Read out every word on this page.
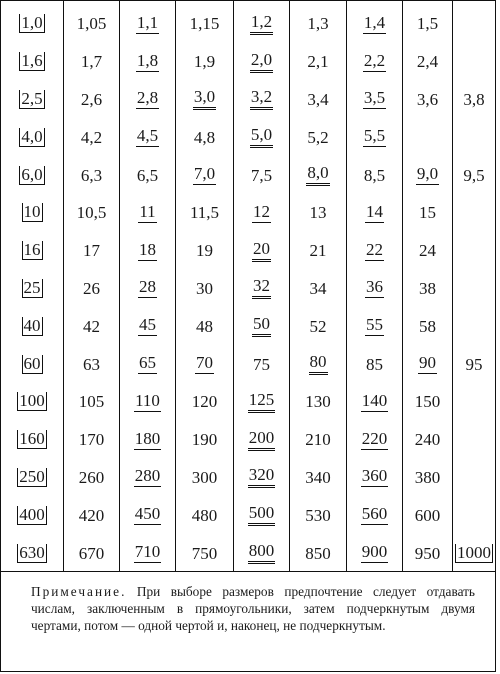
1,0
1,6
2,5
4,0
6,0
10
16
25
40
60
100
160
250
400
630
1,05
1,7
2,6
4,2
6,3
10,5
17
26
42
63
105
170
260
420
670
1,1
1,8
2,8
4,5
6,5
11
18
28
45
65
110
180
280
450
710
1,15
1,9
3,0
4,8
7,0
11,5
19
30
48
70
120
190
300
480
750
1,2
2,0
3,2
5,0
7,5
12
20
32
50
75
125
200
320
500
800
1,3
2,1
3,4
5,2
8,0
13
21
34
52
80
130
210
340
530
850
1,4
2,2
3,5
5,5
8,5
14
22
36
55
85
140
220
360
560
900
1,5
2,4
3,6
9,0
15
24
38
58
90
150
240
380
600
950
3,8
9,5
95
1000
Примечание. При выборе размеров предпочтение следует отдавать числам, заключенным в прямоугольники, затем подчеркнутым двумя чертами, потом — одной чертой и, наконец, не подчеркнутым.
